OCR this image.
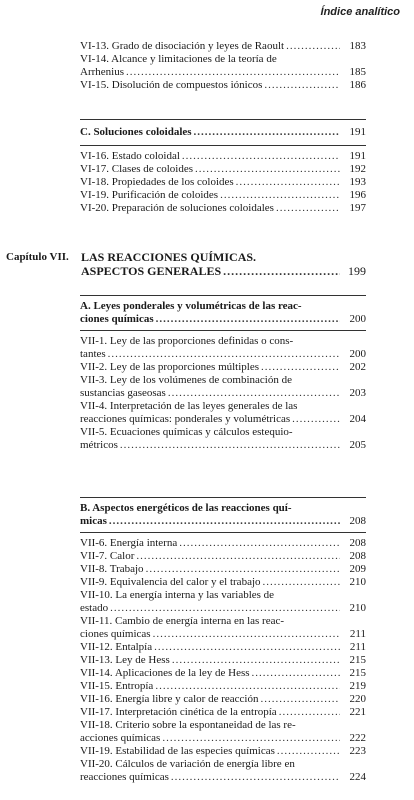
Índice analítico
VI-13. Grado de disociación y leyes de Raoult .....	183
VI-14. Alcance y limitaciones de la teoría de
Arrhenius .....	185
VI-15. Disolución de compuestos iónicos .....	186
C. Soluciones coloidales .....	191
VI-16. Estado coloidal .....	191
VI-17. Clases de coloides .....	192
VI-18. Propiedades de los coloides .....	193
VI-19. Purificación de coloides .....	196
VI-20. Preparación de soluciones coloidales .....	197
Capítulo VII. LAS REACCIONES QUÍMICAS.
ASPECTOS GENERALES .....	199
A. Leyes ponderales y volumétricas de las reac-
ciones químicas .....	200
VII-1. Ley de las proporciones definidas o cons-
tantes .....	200
VII-2. Ley de las proporciones múltiples .....	202
VII-3. Ley de los volúmenes de combinación de
sustancias gaseosas .....	203
VII-4. Interpretación de las leyes generales de las
reacciones químicas: ponderales y volumétricas .....	204
VII-5. Ecuaciones químicas y cálculos estequio-
métricos .....	205
B. Aspectos energéticos de las reacciones quí-
micas .....	208
VII-6. Energía interna .....	208
VII-7. Calor .....	208
VII-8. Trabajo .....	209
VII-9. Equivalencia del calor y el trabajo .....	210
VII-10. La energía interna y las variables de
estado .....	210
VII-11. Cambio de energía interna en las reac-
ciones químicas .....	211
VII-12. Entalpía .....	211
VII-13. Ley de Hess .....	215
VII-14. Aplicaciones de la ley de Hess .....	215
VII-15. Entropía .....	219
VII-16. Energía libre y calor de reacción .....	220
VII-17. Interpretación cinética de la entropía .....	221
VII-18. Criterio sobre la espontaneidad de las re-
acciones químicas .....	222
VII-19. Estabilidad de las especies químicas .....	223
VII-20. Cálculos de variación de energía libre en
reacciones químicas .....	224
